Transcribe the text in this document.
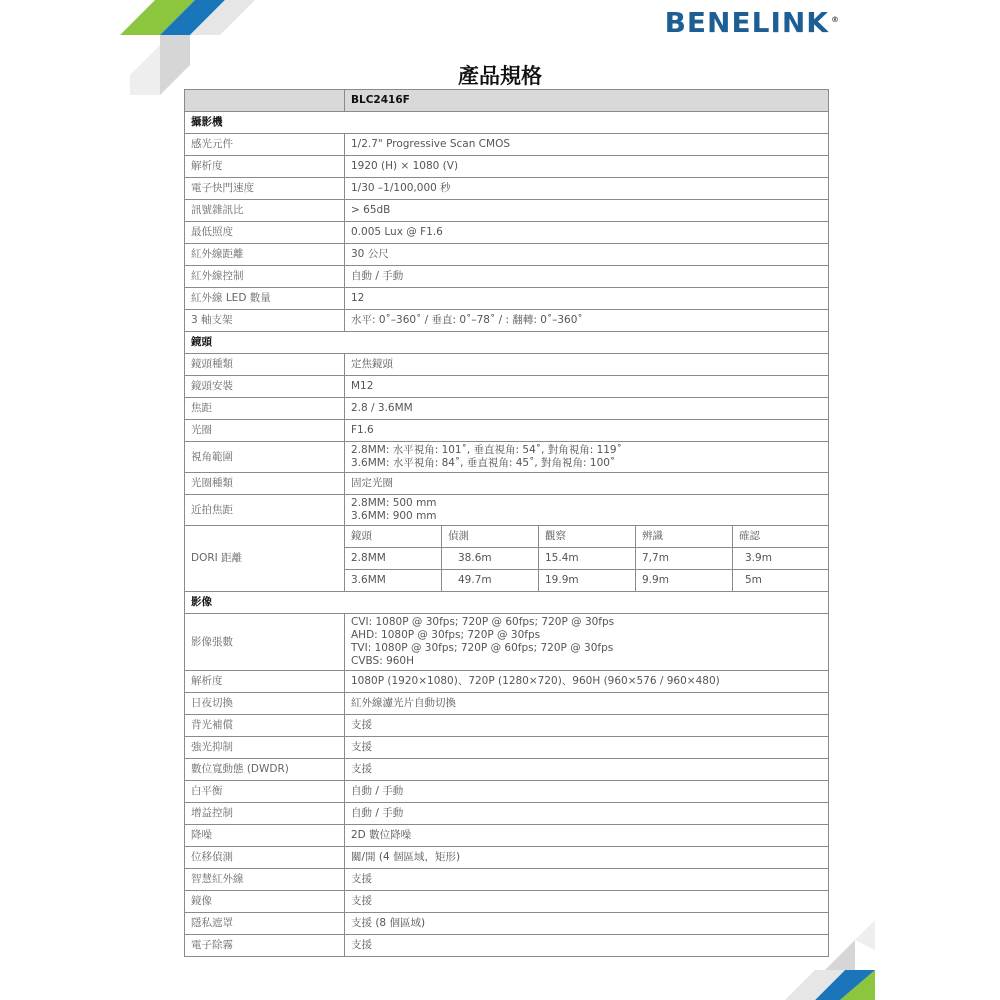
BENELINK ®
產品規格
	BLC2416F				
攝影機					
感光元件	1/2.7" Progressive Scan CMOS				
解析度	1920 (H) × 1080 (V)				
電子快門速度	1/30 –1/100,000 秒				
訊號雜訊比	> 65dB				
最低照度	0.005 Lux @ F1.6				
紅外線距離	30 公尺				
紅外線控制	自動 / 手動				
紅外線 LED 數量	12				
3 軸支架	水平: 0˚–360˚ / 垂直: 0˚–78˚ / : 翻轉: 0˚–360˚				
鏡頭					
鏡頭種類	定焦鏡頭				
鏡頭安裝	M12				
焦距	2.8 / 3.6MM				
光圈	F1.6				
視角範圍	2.8MM: 水平視角: 101˚, 垂直視角: 54˚, 對角視角: 119˚
3.6MM: 水平視角: 84˚, 垂直視角: 45˚, 對角視角: 100˚				

光圈種類	固定光圈				
近拍焦距	2.8MM: 500 mm
3.6MM: 900 mm				

DORI 距離	鏡頭	偵測	觀察	辨識	確認
	2.8MM	38.6m	15.4m	7,7m	3.9m
	3.6MM	49.7m	19.9m	9.9m	5m
影像					
影像張數	CVI: 1080P @ 30fps; 720P @ 60fps; 720P @ 30fps
AHD: 1080P @ 30fps; 720P @ 30fps
TVI: 1080P @ 30fps; 720P @ 60fps; 720P @ 30fps
CVBS: 960H				

解析度	1080P (1920×1080)、720P (1280×720)、960H (960×576 / 960×480)				
日夜切換	紅外線濾光片自動切換				
背光補償	支援				
強光抑制	支援				
數位寬動態 (DWDR)	支援				
白平衡	自動 / 手動				
增益控制	自動 / 手動				
降噪	2D 數位降噪				
位移偵測	關/開 (4 個區域，矩形)				
智慧紅外線	支援				
鏡像	支援				
隱私遮罩	支援 (8 個區域)				
電子除霧	支援				
